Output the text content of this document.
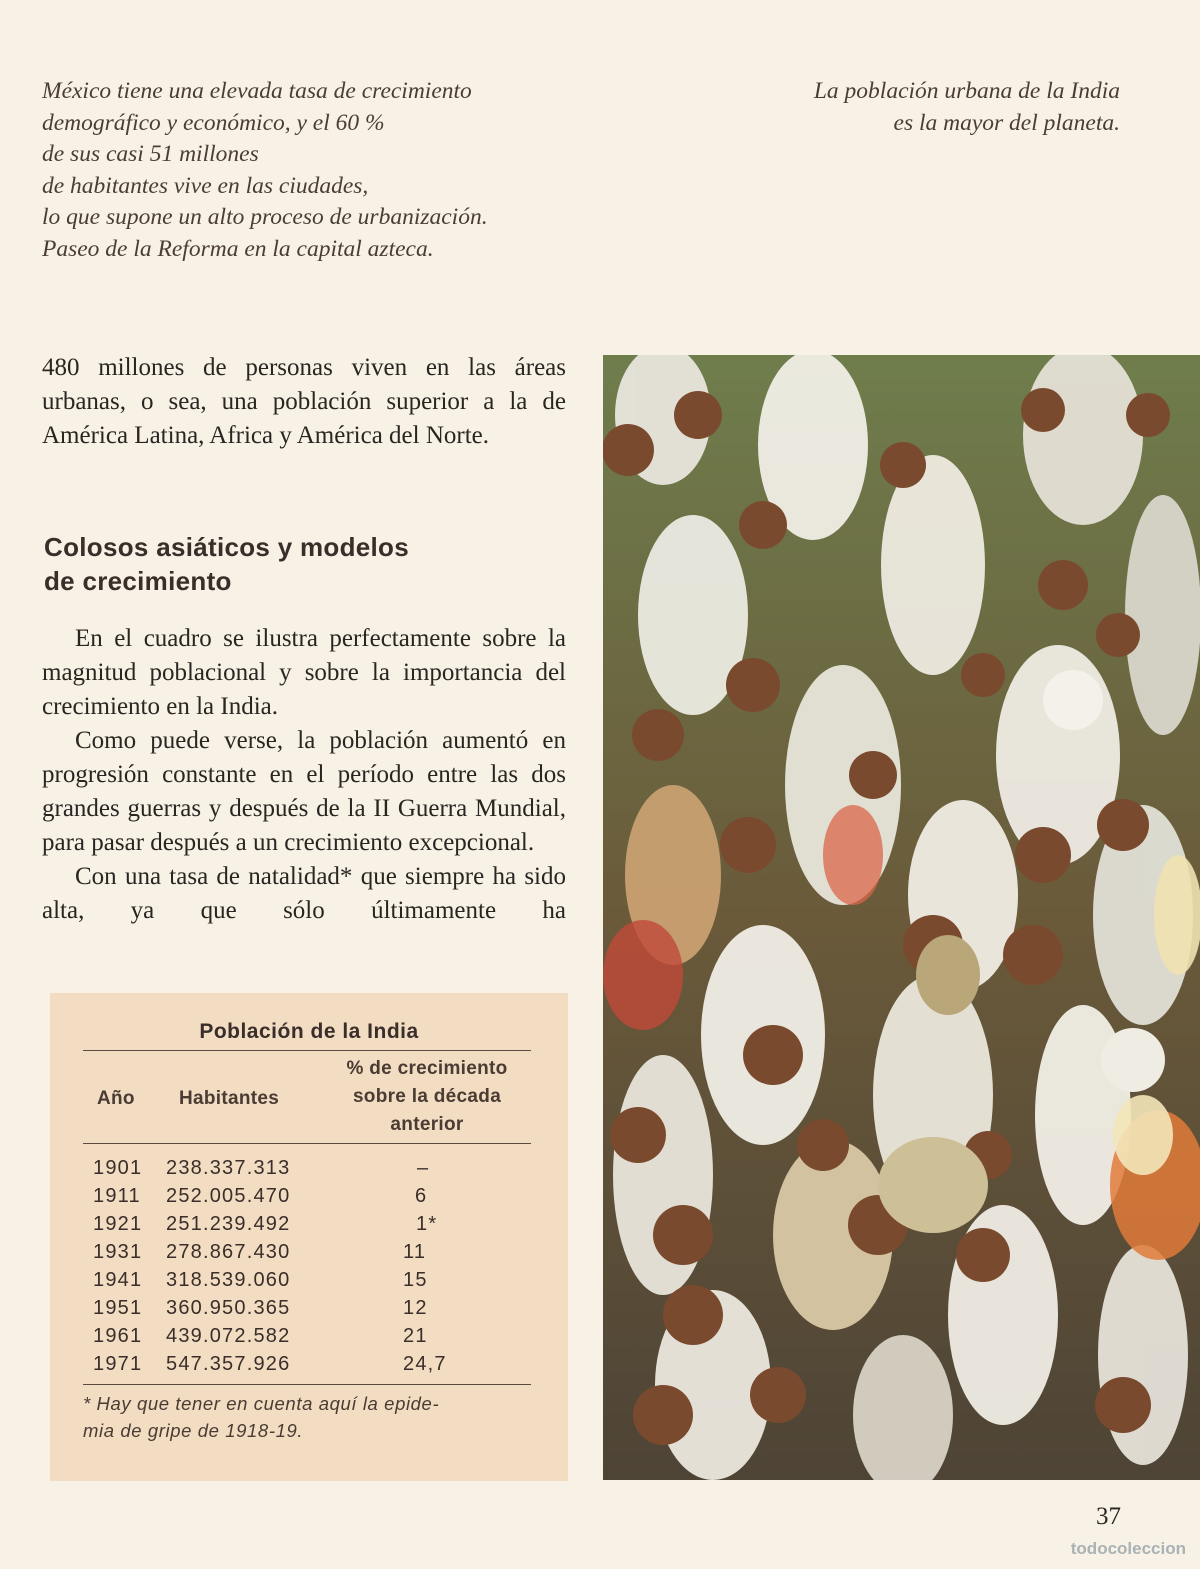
México tiene una elevada tasa de crecimiento
demográfico y económico, y el 60 %
de sus casi 51 millones
de habitantes vive en las ciudades,
lo que supone un alto proceso de urbanización.
Paseo de la Reforma en la capital azteca.
La población urbana de la India
es la mayor del planeta.
480 millones de personas viven en las áreas urbanas, o sea, una población superior a la de América Latina, Africa y América del Norte.
Colosos asiáticos y modelos
de crecimiento

En el cuadro se ilustra perfectamente sobre la magnitud poblacional y sobre la importancia del crecimiento en la India.

Como puede verse, la población aumentó en progresión constante en el período entre las dos grandes guerras y después de la II Guerra Mundial, para pasar después a un crecimiento excepcional.

Con una tasa de natalidad* que siempre ha sido alta, ya que sólo últimamente ha

Población de la India
% de crecimiento
sobre la década
anterior
Año Habitantes
1901 238.337.313	–
1911 252.005.470	6
1921 251.239.492	1*
1931 278.867.430	11
1941 318.539.060	15
1951 360.950.365	12
1961 439.072.582	21
1971 547.357.926	24,7
* Hay que tener en cuenta aquí la epide-
mia de gripe de 1918-19.
37
todocoleccion
